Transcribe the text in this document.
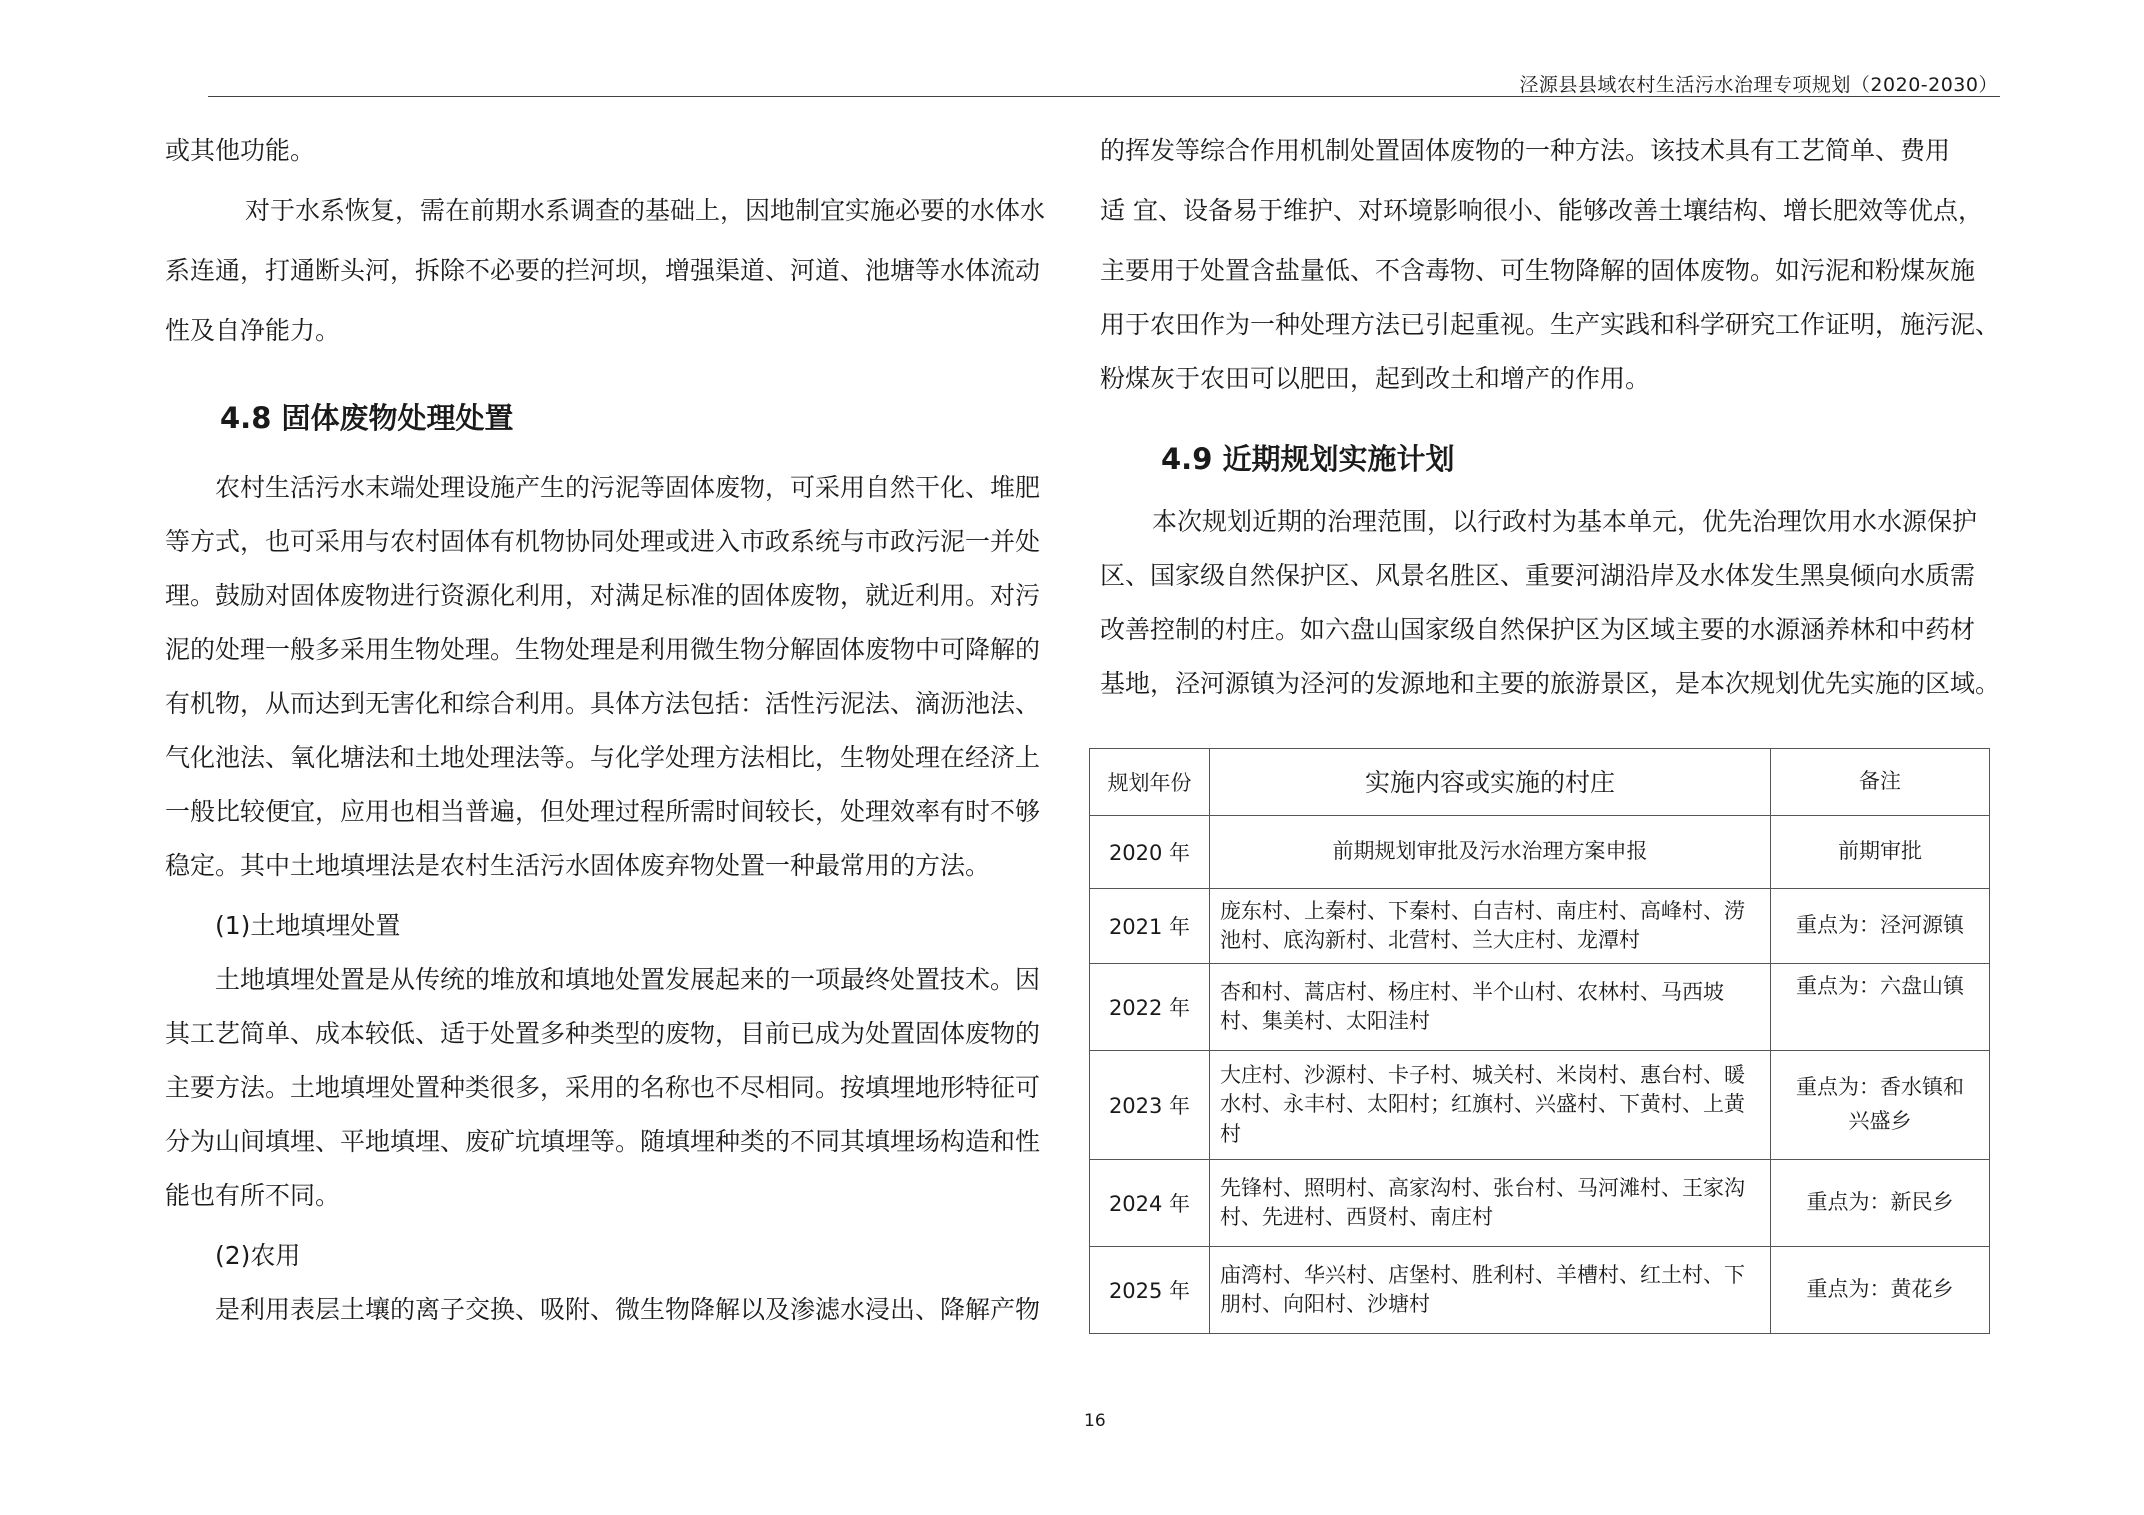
泾源县县域农村生活污水治理专项规划（2020-2030）
或其他功能。
对于水系恢复，需在前期水系调查的基础上，因地制宜实施必要的水体水
系连通，打通断头河，拆除不必要的拦河坝，增强渠道、河道、池塘等水体流动
性及自净能力。
4.8 固体废物处理处置
农村生活污水末端处理设施产生的污泥等固体废物，可采用自然干化、堆肥
等方式，也可采用与农村固体有机物协同处理或进入市政系统与市政污泥一并处
理。鼓励对固体废物进行资源化利用，对满足标准的固体废物，就近利用。对污
泥的处理一般多采用生物处理。生物处理是利用微生物分解固体废物中可降解的
有机物，从而达到无害化和综合利用。具体方法包括：活性污泥法、滴沥池法、
气化池法、氧化塘法和土地处理法等。与化学处理方法相比，生物处理在经济上
一般比较便宜，应用也相当普遍，但处理过程所需时间较长，处理效率有时不够
稳定。其中土地填埋法是农村生活污水固体废弃物处置一种最常用的方法。
(1)土地填埋处置
土地填埋处置是从传统的堆放和填地处置发展起来的一项最终处置技术。因
其工艺简单、成本较低、适于处置多种类型的废物，目前已成为处置固体废物的
主要方法。土地填埋处置种类很多，采用的名称也不尽相同。按填埋地形特征可
分为山间填埋、平地填埋、废矿坑填埋等。随填埋种类的不同其填埋场构造和性
能也有所不同。
(2)农用
是利用表层土壤的离子交换、吸附、微生物降解以及渗滤水浸出、降解产物
的挥发等综合作用机制处置固体废物的一种方法。该技术具有工艺简单、费用
适 宜、设备易于维护、对环境影响很小、能够改善土壤结构、增长肥效等优点，
主要用于处置含盐量低、不含毒物、可生物降解的固体废物。如污泥和粉煤灰施
用于农田作为一种处理方法已引起重视。生产实践和科学研究工作证明，施污泥、
粉煤灰于农田可以肥田，起到改土和增产的作用。
4.9 近期规划实施计划
本次规划近期的治理范围，以行政村为基本单元，优先治理饮用水水源保护
区、国家级自然保护区、风景名胜区、重要河湖沿岸及水体发生黑臭倾向水质需
改善控制的村庄。如六盘山国家级自然保护区为区域主要的水源涵养林和中药材
基地，泾河源镇为泾河的发源地和主要的旅游景区，是本次规划优先实施的区域。
规划年份	实施内容或实施的村庄	备注
2020 年	前期规划审批及污水治理方案申报	前期审批
2021 年	庞东村、上秦村、下秦村、白吉村、南庄村、高峰村、涝池村、底沟新村、北营村、兰大庄村、龙潭村	重点为：泾河源镇
2022 年	杏和村、蒿店村、杨庄村、半个山村、农林村、马西坡村、集美村、太阳洼村	重点为：六盘山镇
2023 年	大庄村、沙源村、卡子村、城关村、米岗村、惠台村、暖水村、永丰村、太阳村；红旗村、兴盛村、下黄村、上黄村	重点为：香水镇和兴盛乡
2024 年	先锋村、照明村、高家沟村、张台村、马河滩村、王家沟村、先进村、西贤村、南庄村	重点为：新民乡
2025 年	庙湾村、华兴村、店堡村、胜利村、羊槽村、红土村、下朋村、向阳村、沙塘村	重点为：黄花乡
16
